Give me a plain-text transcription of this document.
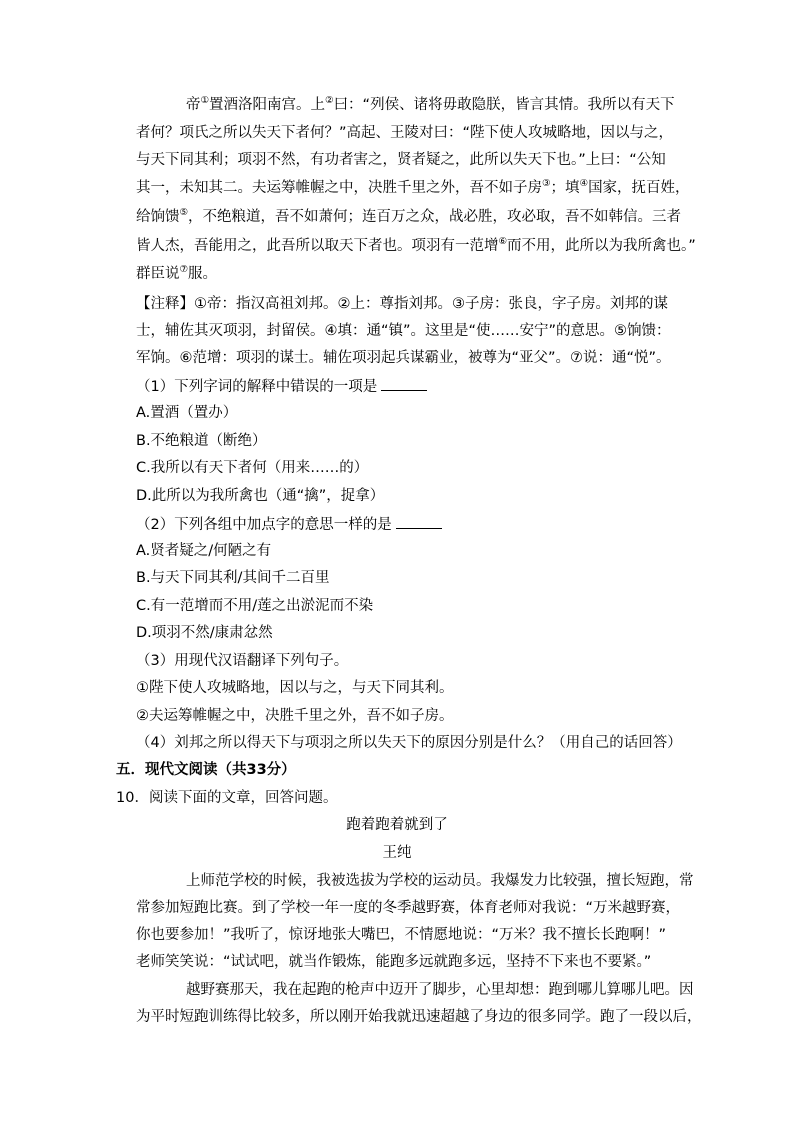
帝①置酒洛阳南宫。上②曰：“列侯、诸将毋敢隐朕，皆言其情。我所以有天下
者何？项氏之所以失天下者何？”高起、王陵对曰：“陛下使人攻城略地，因以与之，
与天下同其利；项羽不然，有功者害之，贤者疑之，此所以失天下也。”上曰：“公知
其一，未知其二。夫运筹帷幄之中，决胜千里之外，吾不如子房③；填④国家，抚百姓，
给饷馈⑤，不绝粮道，吾不如萧何；连百万之众，战必胜，攻必取，吾不如韩信。三者
皆人杰，吾能用之，此吾所以取天下者也。项羽有一范增⑥而不用，此所以为我所禽也。”
群臣说⑦服。
【注释】①帝：指汉高祖刘邦。②上：尊指刘邦。③子房：张良，字子房。刘邦的谋
士，辅佐其灭项羽，封留侯。④填：通“镇”。这里是“使……安宁”的意思。⑤饷馈：
军饷。⑥范增：项羽的谋士。辅佐项羽起兵谋霸业，被尊为“亚父”。⑦说：通“悦”。
（1）下列字词的解释中错误的一项是
A.置酒（置办）
B.不绝粮道（断绝）
C.我所以有天下者何（用来……的）
D.此所以为我所禽也（通“擒”，捉拿）
（2）下列各组中加点字的意思一样的是
A.贤者疑之/何陋之有
B.与天下同其利/其间千二百里
C.有一范增而不用/莲之出淤泥而不染
D.项羽不然/康肃忿然
（3）用现代汉语翻译下列句子。
①陛下使人攻城略地，因以与之，与天下同其利。
②夫运筹帷幄之中，决胜千里之外，吾不如子房。
（4）刘邦之所以得天下与项羽之所以失天下的原因分别是什么？（用自己的话回答）
五．现代文阅读（共33分）
10．阅读下面的文章，回答问题。
跑着跑着就到了
王纯
上师范学校的时候，我被选拔为学校的运动员。我爆发力比较强，擅长短跑，常
常参加短跑比赛。到了学校一年一度的冬季越野赛，体育老师对我说：“万米越野赛，
你也要参加！”我听了，惊讶地张大嘴巴，不情愿地说：“万米？我不擅长长跑啊！”
老师笑笑说：“试试吧，就当作锻炼，能跑多远就跑多远，坚持不下来也不要紧。”
越野赛那天，我在起跑的枪声中迈开了脚步，心里却想：跑到哪儿算哪儿吧。因
为平时短跑训练得比较多，所以刚开始我就迅速超越了身边的很多同学。跑了一段以后，
